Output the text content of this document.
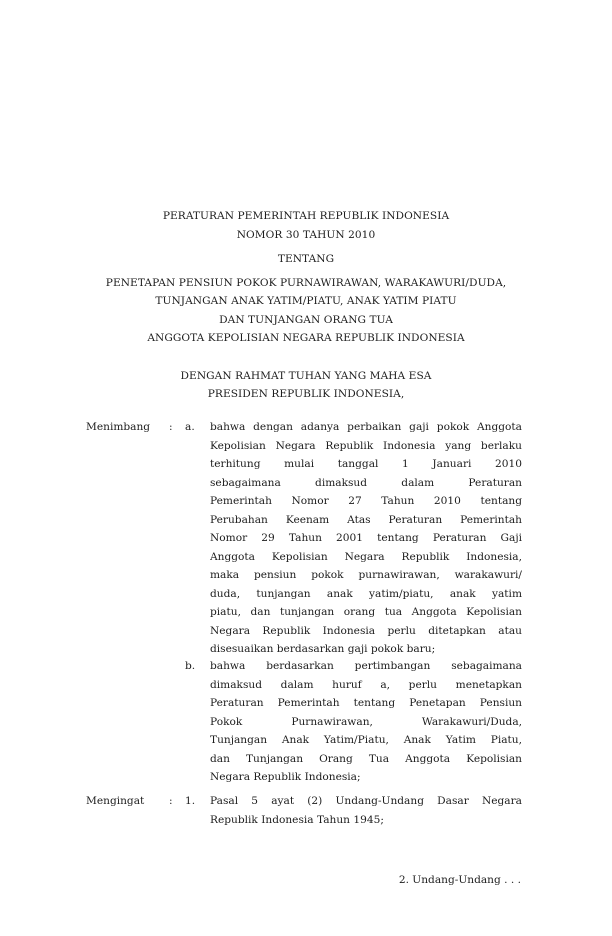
PERATURAN PEMERINTAH REPUBLIK INDONESIA
NOMOR 30 TAHUN 2010
TENTANG
PENETAPAN PENSIUN POKOK PURNAWIRAWAN, WARAKAWURI/DUDA,
TUNJANGAN ANAK YATIM/PIATU, ANAK YATIM PIATU
DAN TUNJANGAN ORANG TUA
ANGGOTA KEPOLISIAN NEGARA REPUBLIK INDONESIA
DENGAN RAHMAT TUHAN YANG MAHA ESA
PRESIDEN REPUBLIK INDONESIA,
Menimbang : a. bahwa dengan adanya perbaikan gaji pokok Anggota
Kepolisian Negara Republik Indonesia yang berlaku
terhitung mulai tanggal 1 Januari 2010
sebagaimana dimaksud dalam Peraturan
Pemerintah Nomor 27 Tahun 2010 tentang
Perubahan Keenam Atas Peraturan Pemerintah
Nomor 29 Tahun 2001 tentang Peraturan Gaji
Anggota Kepolisian Negara Republik Indonesia,
maka pensiun pokok purnawirawan, warakawuri/
duda, tunjangan anak yatim/piatu, anak yatim
piatu, dan tunjangan orang tua Anggota Kepolisian
Negara Republik Indonesia perlu ditetapkan atau
disesuaikan berdasarkan gaji pokok baru;
b. bahwa berdasarkan pertimbangan sebagaimana
dimaksud dalam huruf a, perlu menetapkan
Peraturan Pemerintah tentang Penetapan Pensiun
Pokok Purnawirawan, Warakawuri/Duda,
Tunjangan Anak Yatim/Piatu, Anak Yatim Piatu,
dan Tunjangan Orang Tua Anggota Kepolisian
Negara Republik Indonesia;
Mengingat : 1. Pasal 5 ayat (2) Undang-Undang Dasar Negara
Republik Indonesia Tahun 1945;
2. Undang-Undang . . .
